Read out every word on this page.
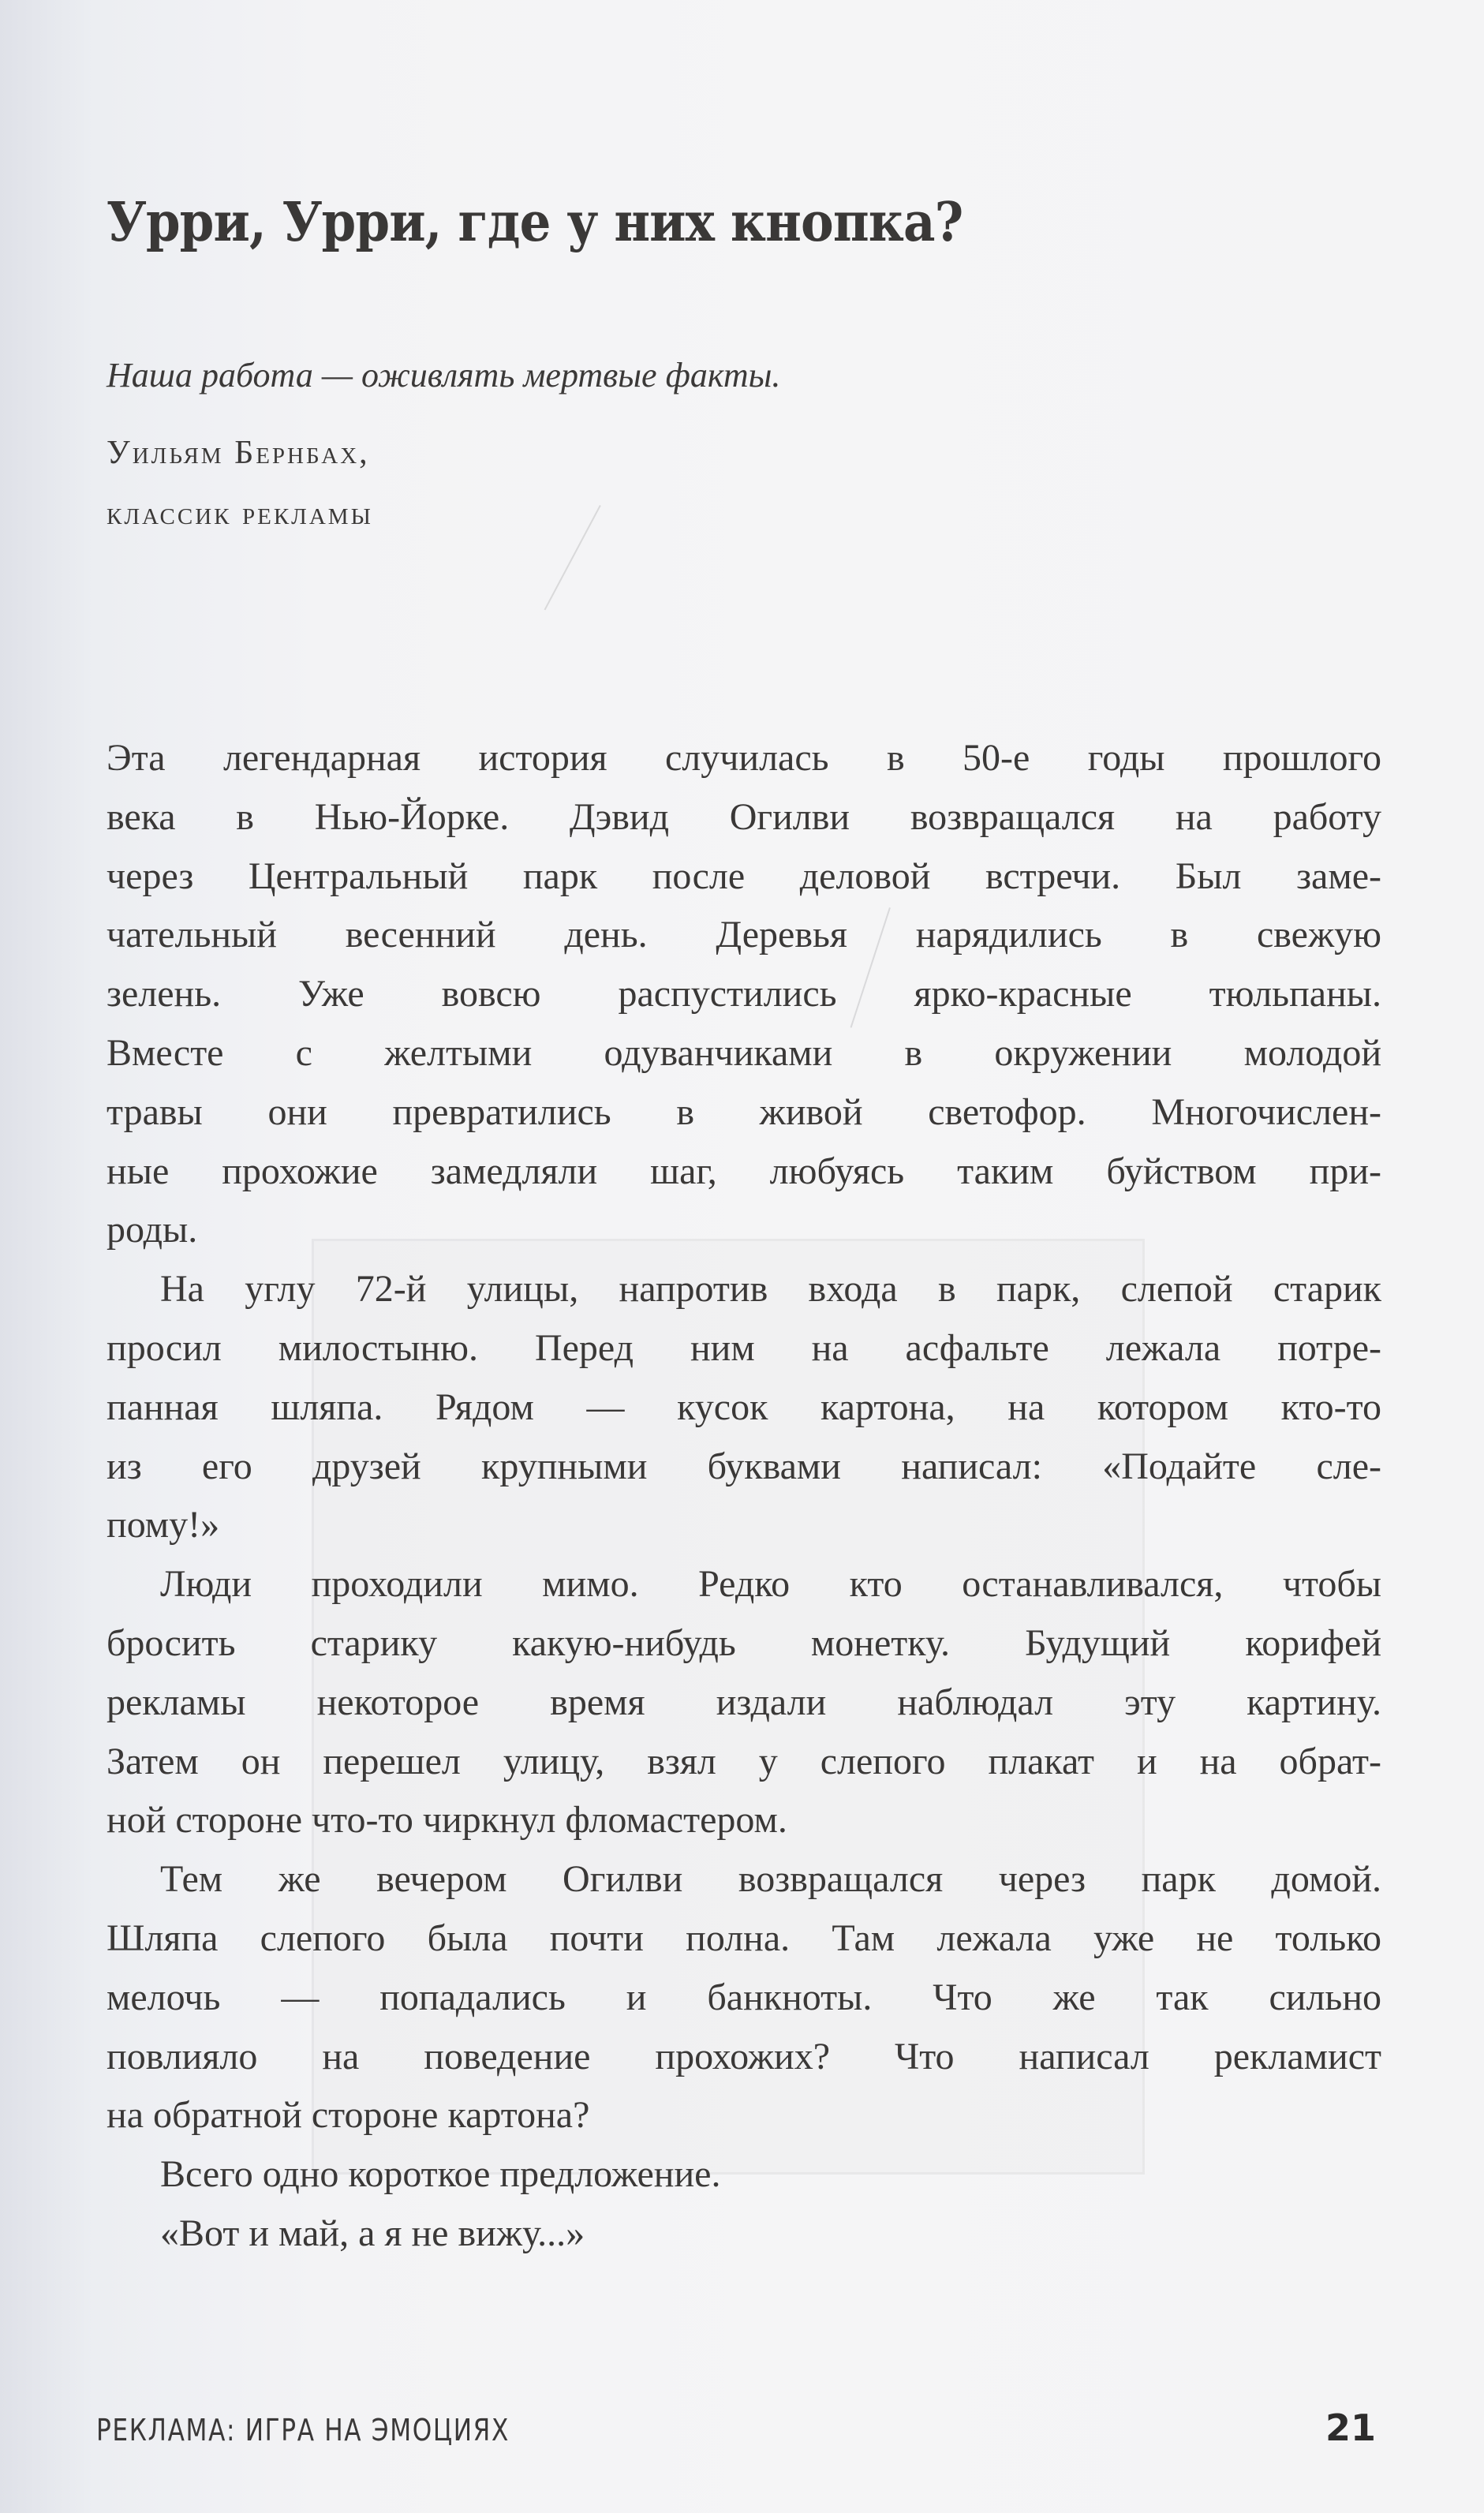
Урри, Урри, где у них кнопка?
Наша работа — оживлять мертвые факты.
Уильям Бернбах,
классик рекламы
Эта легендарная история случилась в 50-е годы прошлого
века в Нью-Йорке. Дэвид Огилви возвращался на работу
через Центральный парк после деловой встречи. Был заме-
чательный весенний день. Деревья нарядились в свежую
зелень. Уже вовсю распустились ярко-красные тюльпаны.
Вместе с желтыми одуванчиками в окружении молодой
травы они превратились в живой светофор. Многочислен-
ные прохожие замедляли шаг, любуясь таким буйством при-
роды.
На углу 72-й улицы, напротив входа в парк, слепой старик
просил милостыню. Перед ним на асфальте лежала потре-
панная шляпа. Рядом — кусок картона, на котором кто-то
из его друзей крупными буквами написал: «Подайте сле-
пому!»
Люди проходили мимо. Редко кто останавливался, чтобы
бросить старику какую-нибудь монетку. Будущий корифей
рекламы некоторое время издали наблюдал эту картину.
Затем он перешел улицу, взял у слепого плакат и на обрат-
ной стороне что-то чиркнул фломастером.
Тем же вечером Огилви возвращался через парк домой.
Шляпа слепого была почти полна. Там лежала уже не только
мелочь — попадались и банкноты. Что же так сильно
повлияло на поведение прохожих? Что написал рекламист
на обратной стороне картона?
Всего одно короткое предложение.
«Вот и май, а я не вижу...»
РЕКЛАМА: ИГРА НА ЭМОЦИЯХ	21
